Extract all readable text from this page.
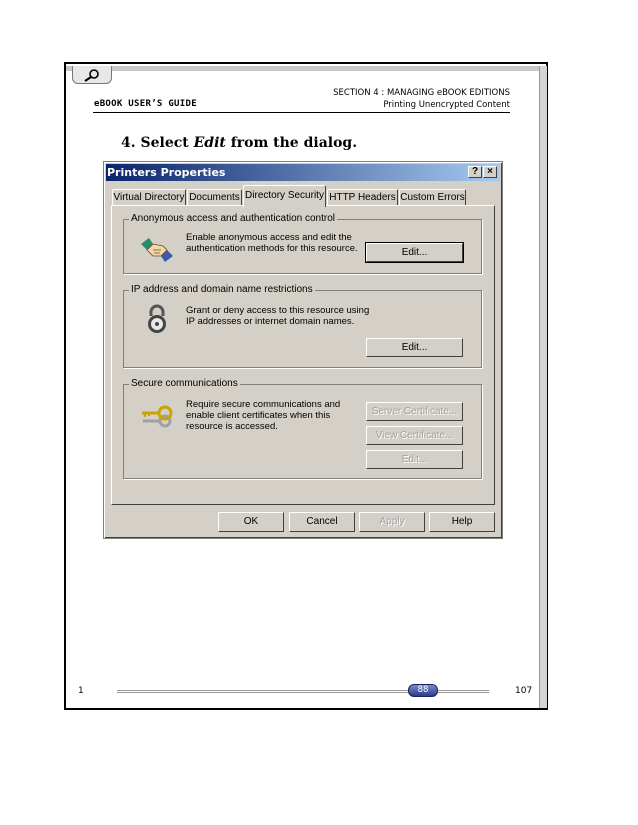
eBOOK USER’S GUIDE
SECTION 4 : MANAGING eBOOK EDITIONS
Printing Unencrypted Content
4. Select Edit from the dialog.
Printers Properties	? ×
Virtual Directory Documents Directory Security HTTP Headers Custom Errors
Anonymous access and authentication control
Enable anonymous access and edit the
authentication methods for this resource.	Edit...
IP address and domain name restrictions
Grant or deny access to this resource using
IP addresses or internet domain names.
Edit...
Secure communications
Require secure communications and
enable client certificates when this
resource is accessed.
Server Certificate...
View Certificate...
Edit...
OK	Cancel	Apply	Help
1	88	107
